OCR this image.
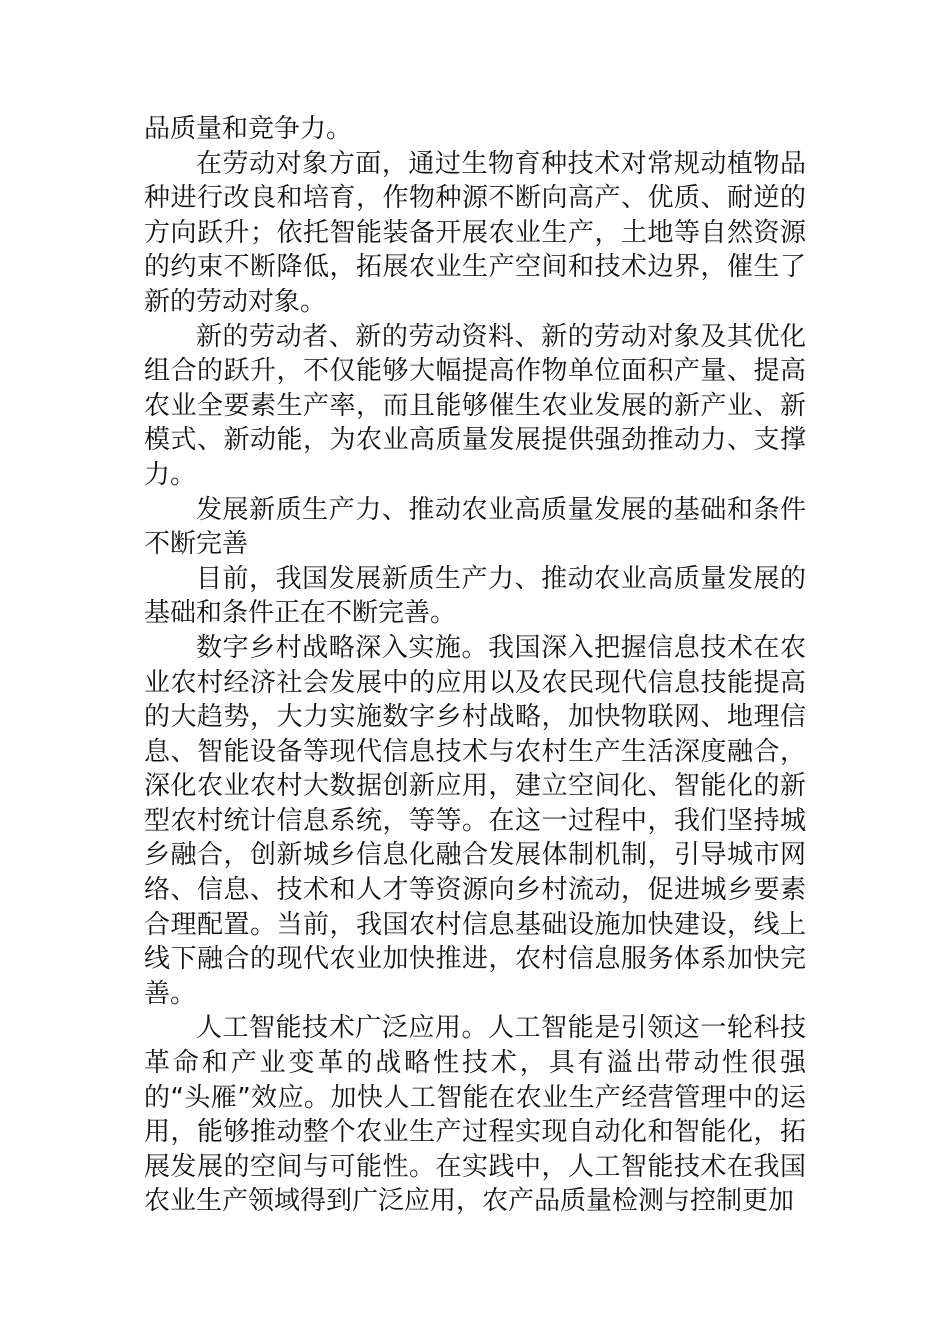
品质量和竞争力。

在劳动对象方面，通过生物育种技术对常规动植物品种进行改良和培育，作物种源不断向高产、优质、耐逆的方向跃升；依托智能装备开展农业生产，土地等自然资源的约束不断降低，拓展农业生产空间和技术边界，催生了新的劳动对象。

新的劳动者、新的劳动资料、新的劳动对象及其优化组合的跃升，不仅能够大幅提高作物单位面积产量、提高农业全要素生产率，而且能够催生农业发展的新产业、新模式、新动能，为农业高质量发展提供强劲推动力、支撑力。

发展新质生产力、推动农业高质量发展的基础和条件不断完善

目前，我国发展新质生产力、推动农业高质量发展的基础和条件正在不断完善。

数字乡村战略深入实施。我国深入把握信息技术在农业农村经济社会发展中的应用以及农民现代信息技能提高的大趋势，大力实施数字乡村战略，加快物联网、地理信息、智能设备等现代信息技术与农村生产生活深度融合，深化农业农村大数据创新应用，建立空间化、智能化的新型农村统计信息系统，等等。在这一过程中，我们坚持城乡融合，创新城乡信息化融合发展体制机制，引导城市网络、信息、技术和人才等资源向乡村流动，促进城乡要素合理配置。当前，我国农村信息基础设施加快建设，线上线下融合的现代农业加快推进，农村信息服务体系加快完善。

人工智能技术广泛应用。人工智能是引领这一轮科技革命和产业变革的战略性技术，具有溢出带动性很强的“头雁”效应。加快人工智能在农业生产经营管理中的运用，能够推动整个农业生产过程实现自动化和智能化，拓展发展的空间与可能性。在实践中，人工智能技术在我国农业生产领域得到广泛应用，农产品质量检测与控制更加
